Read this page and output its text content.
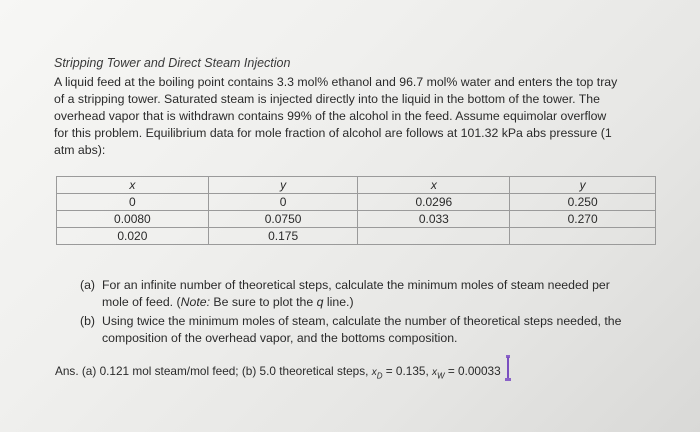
Stripping Tower and Direct Steam Injection
A liquid feed at the boiling point contains 3.3 mol% ethanol and 96.7 mol% water and enters the top tray
of a stripping tower. Saturated steam is injected directly into the liquid in the bottom of the tower. The
overhead vapor that is withdrawn contains 99% of the alcohol in the feed. Assume equimolar overflow
for this problem. Equilibrium data for mole fraction of alcohol are follows at 101.32 kPa abs pressure (1
atm abs):
x	y	x	y
0	0	0.0296	0.250
0.0080	0.0750	0.033	0.270
0.020	0.175		
(a) For an infinite number of theoretical steps, calculate the minimum moles of steam needed per
mole of feed. (Note: Be sure to plot the q line.)
(b) Using twice the minimum moles of steam, calculate the number of theoretical steps needed, the
composition of the overhead vapor, and the bottoms composition.
Ans. (a) 0.121 mol steam/mol feed; (b) 5.0 theoretical steps, $x_D = 0.135$, $x_W = 0.00033$
